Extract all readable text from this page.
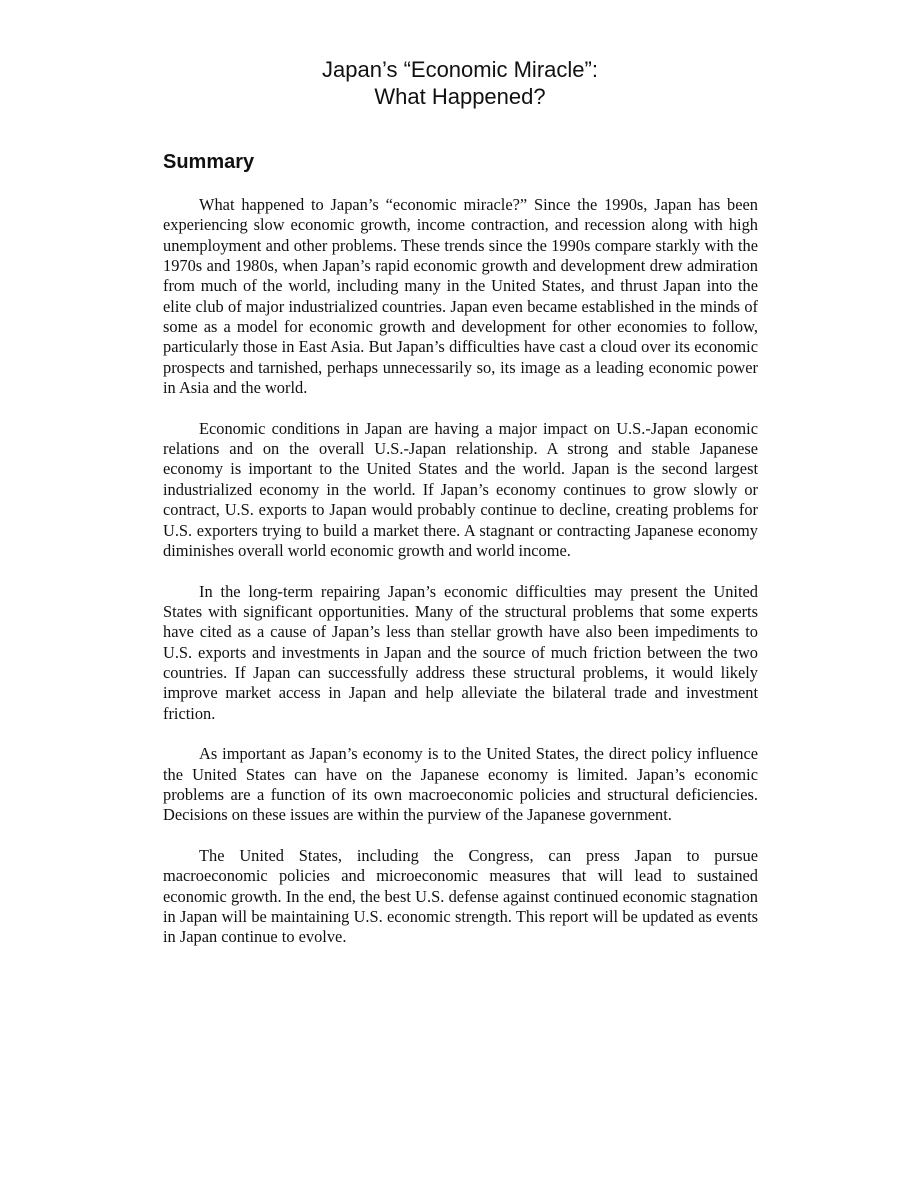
Japan’s “Economic Miracle”:
What Happened?
Summary

What happened to Japan’s “economic miracle?” Since the 1990s, Japan has been experiencing slow economic growth, income contraction, and recession along with high unemployment and other problems. These trends since the 1990s compare starkly with the 1970s and 1980s, when Japan’s rapid economic growth and development drew admiration from much of the world, including many in the United States, and thrust Japan into the elite club of major industrialized countries. Japan even became established in the minds of some as a model for economic growth and development for other economies to follow, particularly those in East Asia. But Japan’s difficulties have cast a cloud over its economic prospects and tarnished, perhaps unnecessarily so, its image as a leading economic power in Asia and the world.

Economic conditions in Japan are having a major impact on U.S.-Japan economic relations and on the overall U.S.-Japan relationship. A strong and stable Japanese economy is important to the United States and the world. Japan is the second largest industrialized economy in the world. If Japan’s economy continues to grow slowly or contract, U.S. exports to Japan would probably continue to decline, creating problems for U.S. exporters trying to build a market there. A stagnant or contracting Japanese economy diminishes overall world economic growth and world income.

In the long-term repairing Japan’s economic difficulties may present the United States with significant opportunities. Many of the structural problems that some experts have cited as a cause of Japan’s less than stellar growth have also been impediments to U.S. exports and investments in Japan and the source of much friction between the two countries. If Japan can successfully address these structural problems, it would likely improve market access in Japan and help alleviate the bilateral trade and investment friction.

As important as Japan’s economy is to the United States, the direct policy influence the United States can have on the Japanese economy is limited. Japan’s economic problems are a function of its own macroeconomic policies and structural deficiencies. Decisions on these issues are within the purview of the Japanese government.

The United States, including the Congress, can press Japan to pursue macroeconomic policies and microeconomic measures that will lead to sustained economic growth. In the end, the best U.S. defense against continued economic stagnation in Japan will be maintaining U.S. economic strength. This report will be updated as events in Japan continue to evolve.
